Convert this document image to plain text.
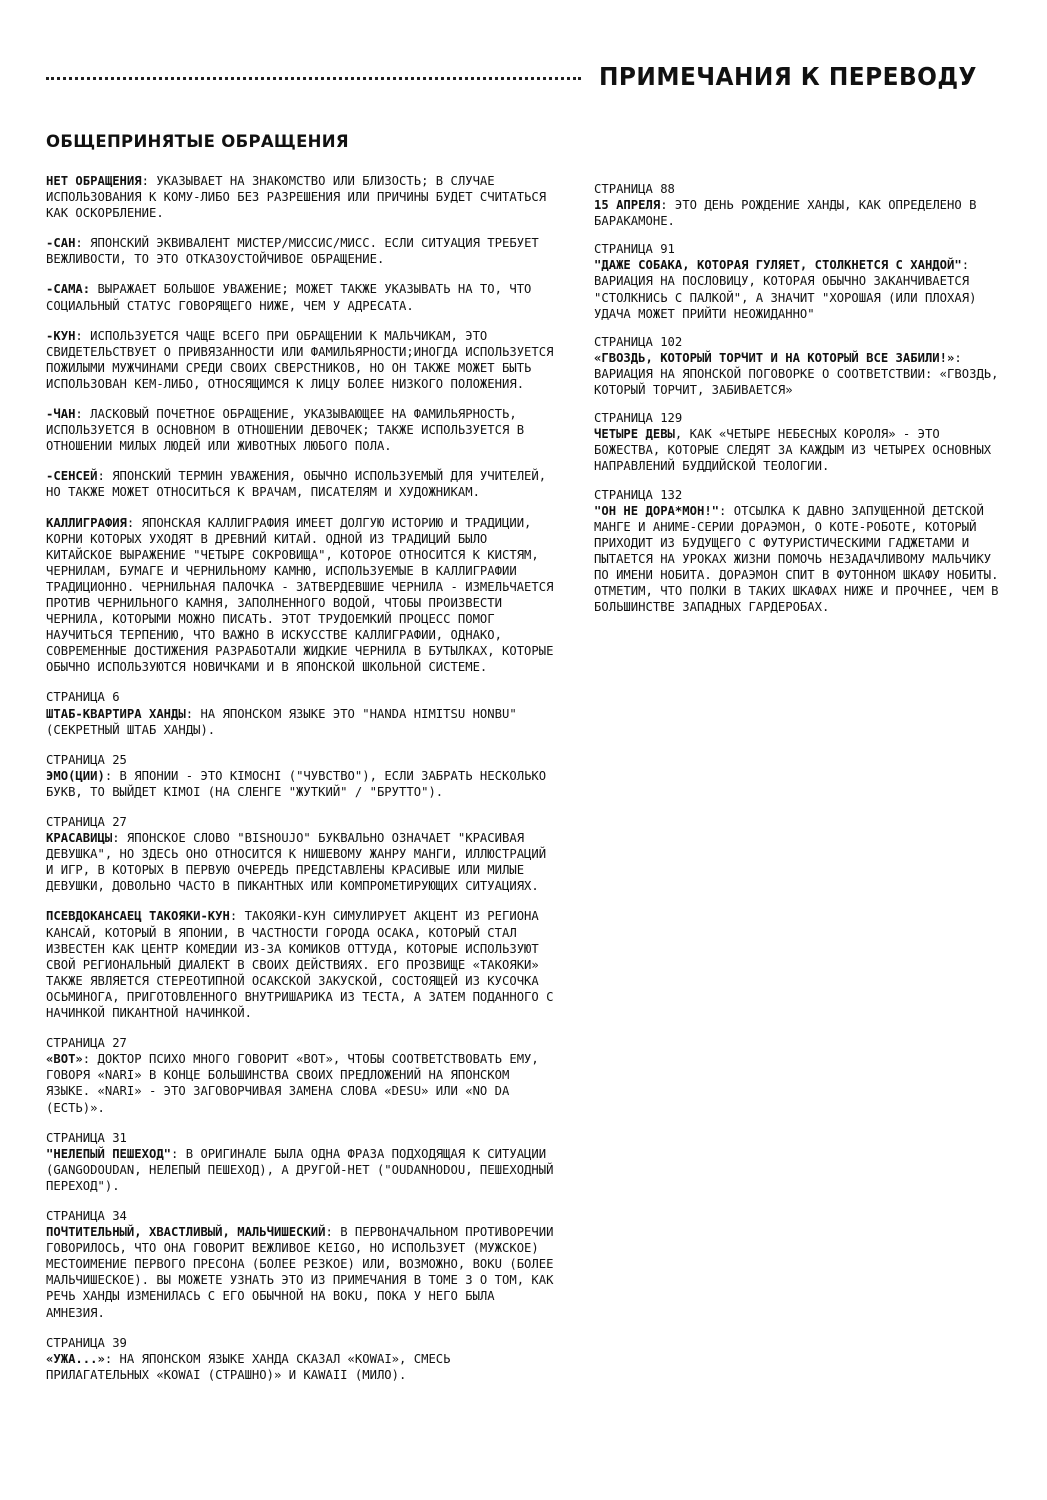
ПРИМЕЧАНИЯ К ПЕРЕВОДУ
ОБЩЕПРИНЯТЫЕ ОБРАЩЕНИЯ
НЕТ ОБРАЩЕНИЯ: УКАЗЫВАЕТ НА ЗНАКОМСТВО ИЛИ БЛИЗОСТЬ; В СЛУЧАЕ ИСПОЛЬЗОВАНИЯ К КОМУ-ЛИБО БЕЗ РАЗРЕШЕНИЯ ИЛИ ПРИЧИНЫ БУДЕТ СЧИТАТЬСЯ КАК ОСКОРБЛЕНИЕ.
-САН: ЯПОНСКИЙ ЭКВИВАЛЕНТ МИСТЕР/МИССИС/МИСС. ЕСЛИ СИТУАЦИЯ ТРЕБУЕТ ВЕЖЛИВОСТИ, ТО ЭТО ОТКАЗОУСТОЙЧИВОЕ ОБРАЩЕНИЕ.
-САМА: ВЫРАЖАЕТ БОЛЬШОЕ УВАЖЕНИЕ; МОЖЕТ ТАКЖЕ УКАЗЫВАТЬ НА ТО, ЧТО СОЦИАЛЬНЫЙ СТАТУС ГОВОРЯЩЕГО НИЖЕ, ЧЕМ У АДРЕСАТА.
-КУН: ИСПОЛЬЗУЕТСЯ ЧАЩЕ ВСЕГО ПРИ ОБРАЩЕНИИ К МАЛЬЧИКАМ, ЭТО СВИДЕТЕЛЬСТВУЕТ О ПРИВЯЗАННОСТИ ИЛИ ФАМИЛЬЯРНОСТИ;ИНОГДА ИСПОЛЬЗУЕТСЯ ПОЖИЛЫМИ МУЖЧИНАМИ СРЕДИ СВОИХ СВЕРСТНИКОВ, НО ОН ТАКЖЕ МОЖЕТ БЫТЬ ИСПОЛЬЗОВАН КЕМ-ЛИБО, ОТНОСЯЩИМСЯ К ЛИЦУ БОЛЕЕ НИЗКОГО ПОЛОЖЕНИЯ.
-ЧАН: ЛАСКОВЫЙ ПОЧЕТНОЕ ОБРАЩЕНИЕ, УКАЗЫВАЮЩЕЕ НА ФАМИЛЬЯРНОСТЬ, ИСПОЛЬЗУЕТСЯ В ОСНОВНОМ В ОТНОШЕНИИ ДЕВОЧЕК; ТАКЖЕ ИСПОЛЬЗУЕТСЯ В ОТНОШЕНИИ МИЛЫХ ЛЮДЕЙ ИЛИ ЖИВОТНЫХ ЛЮБОГО ПОЛА.
-СЕНСЕЙ: ЯПОНСКИЙ ТЕРМИН УВАЖЕНИЯ, ОБЫЧНО ИСПОЛЬЗУЕМЫЙ ДЛЯ УЧИТЕЛЕЙ, НО ТАКЖЕ МОЖЕТ ОТНОСИТЬСЯ К ВРАЧАМ, ПИСАТЕЛЯМ И ХУДОЖНИКАМ.
КАЛЛИГРАФИЯ: ЯПОНСКАЯ КАЛЛИГРАФИЯ ИМЕЕТ ДОЛГУЮ ИСТОРИЮ И ТРАДИЦИИ, КОРНИ КОТОРЫХ УХОДЯТ В ДРЕВНИЙ КИТАЙ. ОДНОЙ ИЗ ТРАДИЦИЙ БЫЛО КИТАЙСКОЕ ВЫРАЖЕНИЕ "ЧЕТЫРЕ СОКРОВИЩА", КОТОРОЕ ОТНОСИТСЯ К КИСТЯМ, ЧЕРНИЛАМ, БУМАГЕ И ЧЕРНИЛЬНОМУ КАМНЮ, ИСПОЛЬЗУЕМЫЕ В КАЛЛИГРАФИИ ТРАДИЦИОННО. ЧЕРНИЛЬНАЯ ПАЛОЧКА - ЗАТВЕРДЕВШИЕ ЧЕРНИЛА - ИЗМЕЛЬЧАЕТСЯ ПРОТИВ ЧЕРНИЛЬНОГО КАМНЯ, ЗАПОЛНЕННОГО ВОДОЙ, ЧТОБЫ ПРОИЗВЕСТИ ЧЕРНИЛА, КОТОРЫМИ МОЖНО ПИСАТЬ. ЭТОТ ТРУДОЕМКИЙ ПРОЦЕСС ПОМОГ НАУЧИТЬСЯ ТЕРПЕНИЮ, ЧТО ВАЖНО В ИСКУССТВЕ КАЛЛИГРАФИИ, ОДНАКО, СОВРЕМЕННЫЕ ДОСТИЖЕНИЯ РАЗРАБОТАЛИ ЖИДКИЕ ЧЕРНИЛА В БУТЫЛКАХ, КОТОРЫЕ ОБЫЧНО ИСПОЛЬЗУЮТСЯ НОВИЧКАМИ И В ЯПОНСКОЙ ШКОЛЬНОЙ СИСТЕМЕ.
СТРАНИЦА 6
ШТАБ-КВАРТИРА ХАНДЫ: НА ЯПОНСКОМ ЯЗЫКЕ ЭТО "HANDA HIMITSU HONBU" (СЕКРЕТНЫЙ ШТАБ ХАНДЫ).
СТРАНИЦА 25
ЭМО(ЦИИ): В ЯПОНИИ - ЭТО KIMOCHI ("ЧУВСТВО"), ЕСЛИ ЗАБРАТЬ НЕСКОЛЬКО БУКВ, ТО ВЫЙДЕТ KIMOI (НА СЛЕНГЕ "ЖУТКИЙ" / "БРУТТО").
СТРАНИЦА 27
КРАСАВИЦЫ: ЯПОНСКОЕ СЛОВО "BISHOUJO" БУКВАЛЬНО ОЗНАЧАЕТ "КРАСИВАЯ ДЕВУШКА", НО ЗДЕСЬ ОНО ОТНОСИТСЯ К НИШЕВОМУ ЖАНРУ МАНГИ, ИЛЛЮСТРАЦИЙ И ИГР, В КОТОРЫХ В ПЕРВУЮ ОЧЕРЕДЬ ПРЕДСТАВЛЕНЫ КРАСИВЫЕ ИЛИ МИЛЫЕ ДЕВУШКИ, ДОВОЛЬНО ЧАСТО В ПИКАНТНЫХ ИЛИ КОМПРОМЕТИРУЮЩИХ СИТУАЦИЯХ.
ПСЕВДОКАНСАЕЦ ТАКОЯКИ-КУН: ТАКОЯКИ-КУН СИМУЛИРУЕТ АКЦЕНТ ИЗ РЕГИОНА КАНСАЙ, КОТОРЫЙ В ЯПОНИИ, В ЧАСТНОСТИ ГОРОДА ОСАКА, КОТОРЫЙ СТАЛ ИЗВЕСТЕН КАК ЦЕНТР КОМЕДИИ ИЗ-ЗА КОМИКОВ ОТТУДА, КОТОРЫЕ ИСПОЛЬЗУЮТ СВОЙ РЕГИОНАЛЬНЫЙ ДИАЛЕКТ В СВОИХ ДЕЙСТВИЯХ. ЕГО ПРОЗВИЩЕ «ТАКОЯКИ» ТАКЖЕ ЯВЛЯЕТСЯ СТЕРЕОТИПНОЙ ОСАКСКОЙ ЗАКУСКОЙ, СОСТОЯЩЕЙ ИЗ КУСОЧКА ОСЬМИНОГА, ПРИГОТОВЛЕННОГО ВНУТРИШАРИКА ИЗ ТЕСТА, А ЗАТЕМ ПОДАННОГО С НАЧИНКОЙ ПИКАНТНОЙ НАЧИНКОЙ.
СТРАНИЦА 27
«ВОТ»: ДОКТОР ПСИХО МНОГО ГОВОРИТ «ВОТ», ЧТОБЫ СООТВЕТСТВОВАТЬ ЕМУ, ГОВОРЯ «NARI» В КОНЦЕ БОЛЬШИНСТВА СВОИХ ПРЕДЛОЖЕНИЙ НА ЯПОНСКОМ ЯЗЫКЕ. «NARI» - ЭТО ЗАГОВОРЧИВАЯ ЗАМЕНА СЛОВА «DESU» ИЛИ «NO DA (ЕСТЬ)».
СТРАНИЦА 31
"НЕЛЕПЫЙ ПЕШЕХОД": В ОРИГИНАЛЕ БЫЛА ОДНА ФРАЗА ПОДХОДЯЩАЯ К СИТУАЦИИ (GANGODOUDAN, НЕЛЕПЫЙ ПЕШЕХОД), А ДРУГОЙ-НЕТ ("OUDANHODOU, ПЕШЕХОДНЫЙ ПЕРЕХОД").
СТРАНИЦА 34
ПОЧТИТЕЛЬНЫЙ, ХВАСТЛИВЫЙ, МАЛЬЧИШЕСКИЙ: В ПЕРВОНАЧАЛЬНОМ ПРОТИВОРЕЧИИ ГОВОРИЛОСЬ, ЧТО ОНА ГОВОРИТ ВЕЖЛИВОЕ KEIGO, НО ИСПОЛЬЗУЕТ (МУЖСКОЕ) МЕСТОИМЕНИЕ ПЕРВОГО ПРЕСОНА (БОЛЕЕ РЕЗКОЕ) ИЛИ, ВОЗМОЖНО, BOKU (БОЛЕЕ МАЛЬЧИШЕСКОЕ). ВЫ МОЖЕТЕ УЗНАТЬ ЭТО ИЗ ПРИМЕЧАНИЯ В ТОМЕ 3 О ТОМ, КАК РЕЧЬ ХАНДЫ ИЗМЕНИЛАСЬ С ЕГО ОБЫЧНОЙ НА BOKU, ПОКА У НЕГО БЫЛА АМНЕЗИЯ.
СТРАНИЦА 39
«УЖА...»: НА ЯПОНСКОМ ЯЗЫКЕ ХАНДА СКАЗАЛ «KOWAI», СМЕСЬ ПРИЛАГАТЕЛЬНЫХ «KOWAI (СТРАШНО)» И KAWAII (МИЛО).
СТРАНИЦА 88
15 АПРЕЛЯ: ЭТО ДЕНЬ РОЖДЕНИЕ ХАНДЫ, КАК ОПРЕДЕЛЕНО В БАРАКАМОНЕ.
СТРАНИЦА 91
"ДАЖЕ СОБАКА, КОТОРАЯ ГУЛЯЕТ, СТОЛКНЕТСЯ С ХАНДОЙ": ВАРИАЦИЯ НА ПОСЛОВИЦУ, КОТОРАЯ ОБЫЧНО ЗАКАНЧИВАЕТСЯ "СТОЛКНИСЬ С ПАЛКОЙ", А ЗНАЧИТ "ХОРОШАЯ (ИЛИ ПЛОХАЯ) УДАЧА МОЖЕТ ПРИЙТИ НЕОЖИДАННО"
СТРАНИЦА 102
«ГВОЗДЬ, КОТОРЫЙ ТОРЧИТ И НА КОТОРЫЙ ВСЕ ЗАБИЛИ!»: ВАРИАЦИЯ НА ЯПОНСКОЙ ПОГОВОРКЕ О СООТВЕТСТВИИ: «ГВОЗДЬ, КОТОРЫЙ ТОРЧИТ, ЗАБИВАЕТСЯ»
СТРАНИЦА 129
ЧЕТЫРЕ ДЕВЫ, КАК «ЧЕТЫРЕ НЕБЕСНЫХ КОРОЛЯ» - ЭТО БОЖЕСТВА, КОТОРЫЕ СЛЕДЯТ ЗА КАЖДЫМ ИЗ ЧЕТЫРЕХ ОСНОВНЫХ НАПРАВЛЕНИЙ БУДДИЙСКОЙ ТЕОЛОГИИ.
СТРАНИЦА 132
"ОН НЕ ДОРА*МОН!": ОТСЫЛКА К ДАВНО ЗАПУЩЕННОЙ ДЕТСКОЙ МАНГЕ И АНИМЕ-СЕРИИ ДОРАЭМОН, О КОТЕ-РОБОТЕ, КОТОРЫЙ ПРИХОДИТ ИЗ БУДУЩЕГО С ФУТУРИСТИЧЕСКИМИ ГАДЖЕТАМИ И ПЫТАЕТСЯ НА УРОКАХ ЖИЗНИ ПОМОЧЬ НЕЗАДАЧЛИВОМУ МАЛЬЧИКУ ПО ИМЕНИ НОБИТА. ДОРАЭМОН СПИТ В ФУТОННОМ ШКАФУ НОБИТЫ. ОТМЕТИМ, ЧТО ПОЛКИ В ТАКИХ ШКАФАХ НИЖЕ И ПРОЧНЕЕ, ЧЕМ В БОЛЬШИНСТВЕ ЗАПАДНЫХ ГАРДЕРОБАХ.
